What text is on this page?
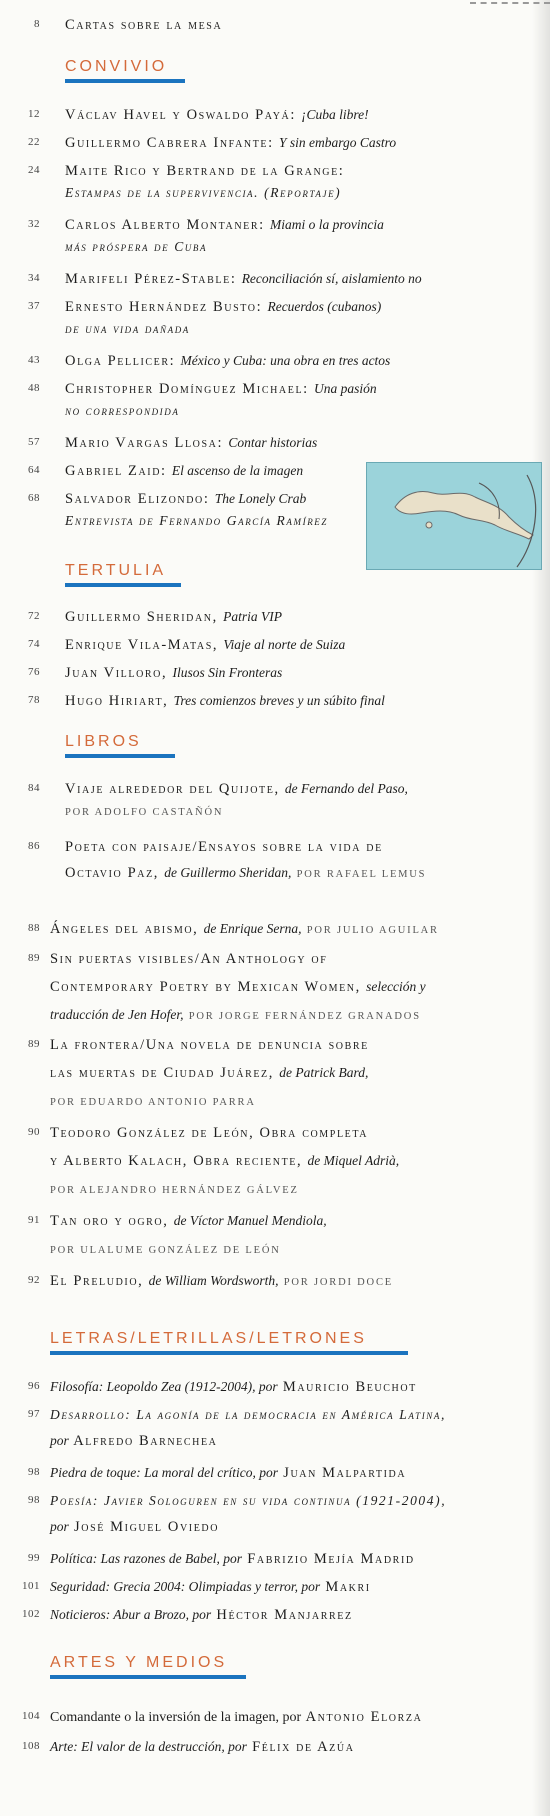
8 Cartas sobre la mesa
CONVIVIO
12 Václav Havel y Oswaldo Payá: ¡Cuba libre!
22 Guillermo Cabrera Infante: Y sin embargo Castro
24 Maite Rico y Bertrand de la Grange:
Estampas de la supervivencia. (Reportaje)
32 Carlos Alberto Montaner: Miami o la provincia
más próspera de Cuba
34 Marifeli Pérez-Stable: Reconciliación sí, aislamiento no
37 Ernesto Hernández Busto: Recuerdos (cubanos)
de una vida dañada
43 Olga Pellicer: México y Cuba: una obra en tres actos
48 Christopher Domínguez Michael: Una pasión
no correspondida
57 Mario Vargas Llosa: Contar historias
64 Gabriel Zaid: El ascenso de la imagen
68 Salvador Elizondo: The Lonely Crab
Entrevista de Fernando García Ramírez
TERTULIA
72 Guillermo Sheridan, Patria VIP
74 Enrique Vila-Matas, Viaje al norte de Suiza
76 Juan Villoro, Ilusos Sin Fronteras
78 Hugo Hiriart, Tres comienzos breves y un súbito final
LIBROS
84 Viaje alrededor del Quijote, de Fernando del Paso,
POR ADOLFO CASTAÑÓN
86 Poeta con paisaje/Ensayos sobre la vida de
Octavio Paz, de Guillermo Sheridan, POR RAFAEL LEMUS
88 Ángeles del abismo, de Enrique Serna, POR JULIO AGUILAR
89 Sin puertas visibles/An Anthology of
Contemporary Poetry by Mexican Women, selección y
traducción de Jen Hofer, POR JORGE FERNÁNDEZ GRANADOS
89 La frontera/Una novela de denuncia sobre
las muertas de Ciudad Juárez, de Patrick Bard,
POR EDUARDO ANTONIO PARRA
90 Teodoro González de León, Obra completa
y Alberto Kalach, Obra reciente, de Miquel Adrià,
POR ALEJANDRO HERNÁNDEZ GÁLVEZ
91 Tan oro y ogro, de Víctor Manuel Mendiola,
POR ULALUME GONZÁLEZ DE LEÓN
92 El Preludio, de William Wordsworth, POR JORDI DOCE
LETRAS/LETRILLAS/LETRONES
96 Filosofía: Leopoldo Zea (1912-2004), por Mauricio Beuchot
97 Desarrollo: La agonía de la democracia en América Latina,
por Alfredo Barnechea
98 Piedra de toque: La moral del crítico, por Juan Malpartida
98 Poesía: Javier Sologuren en su vida continua (1921-2004),
por José Miguel Oviedo
99 Política: Las razones de Babel, por Fabrizio Mejía Madrid
101 Seguridad: Grecia 2004: Olimpiadas y terror, por Makri
102 Noticieros: Abur a Brozo, por Héctor Manjarrez
ARTES Y MEDIOS
104 Comandante o la inversión de la imagen, por Antonio Elorza
108 Arte: El valor de la destrucción, por Félix de Azúa
